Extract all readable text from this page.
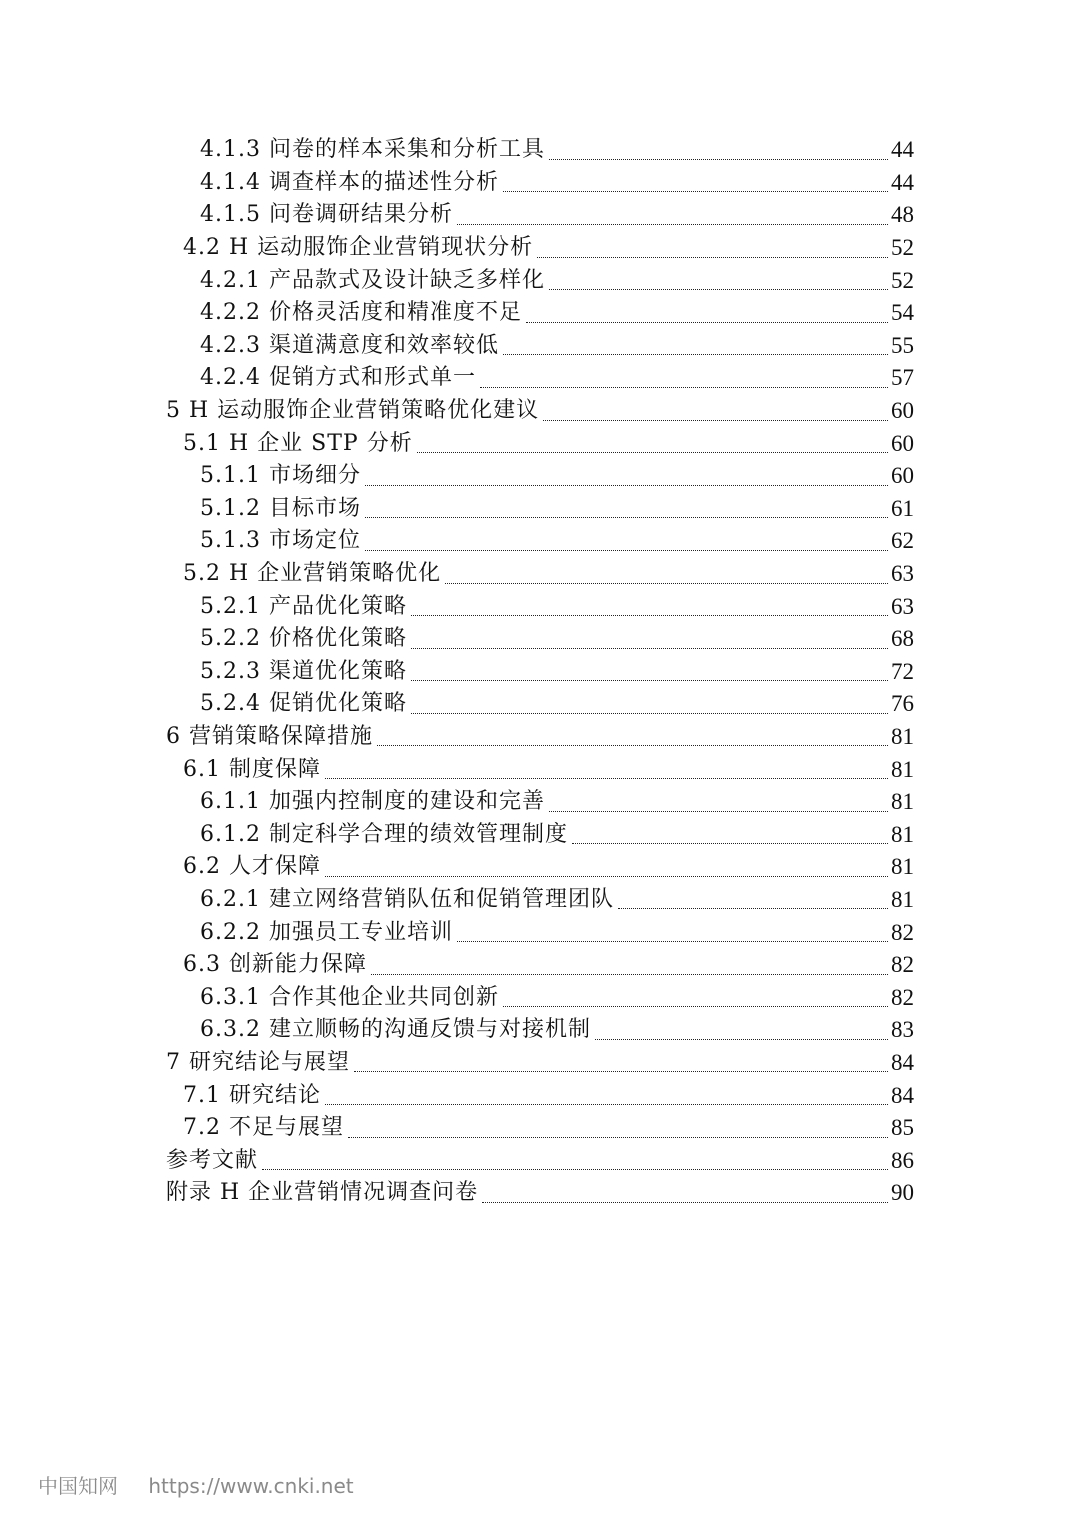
4.1.3 问卷的样本采集和分析工具	44
4.1.4 调查样本的描述性分析	44
4.1.5 问卷调研结果分析	48
4.2 H 运动服饰企业营销现状分析	52
4.2.1 产品款式及设计缺乏多样化	52
4.2.2 价格灵活度和精准度不足	54
4.2.3 渠道满意度和效率较低	55
4.2.4 促销方式和形式单一	57
5 H 运动服饰企业营销策略优化建议	60
5.1 H 企业 STP 分析	60
5.1.1 市场细分	60
5.1.2 目标市场	61
5.1.3 市场定位	62
5.2 H 企业营销策略优化	63
5.2.1 产品优化策略	63
5.2.2 价格优化策略	68
5.2.3 渠道优化策略	72
5.2.4 促销优化策略	76
6 营销策略保障措施	81
6.1 制度保障	81
6.1.1 加强内控制度的建设和完善	81
6.1.2 制定科学合理的绩效管理制度	81
6.2 人才保障	81
6.2.1 建立网络营销队伍和促销管理团队	81
6.2.2 加强员工专业培训	82
6.3 创新能力保障	82
6.3.1 合作其他企业共同创新	82
6.3.2 建立顺畅的沟通反馈与对接机制	83
7 研究结论与展望	84
7.1 研究结论	84
7.2 不足与展望	85
参考文献	86
附录 H 企业营销情况调查问卷	90
中国知网 https://www.cnki.net
